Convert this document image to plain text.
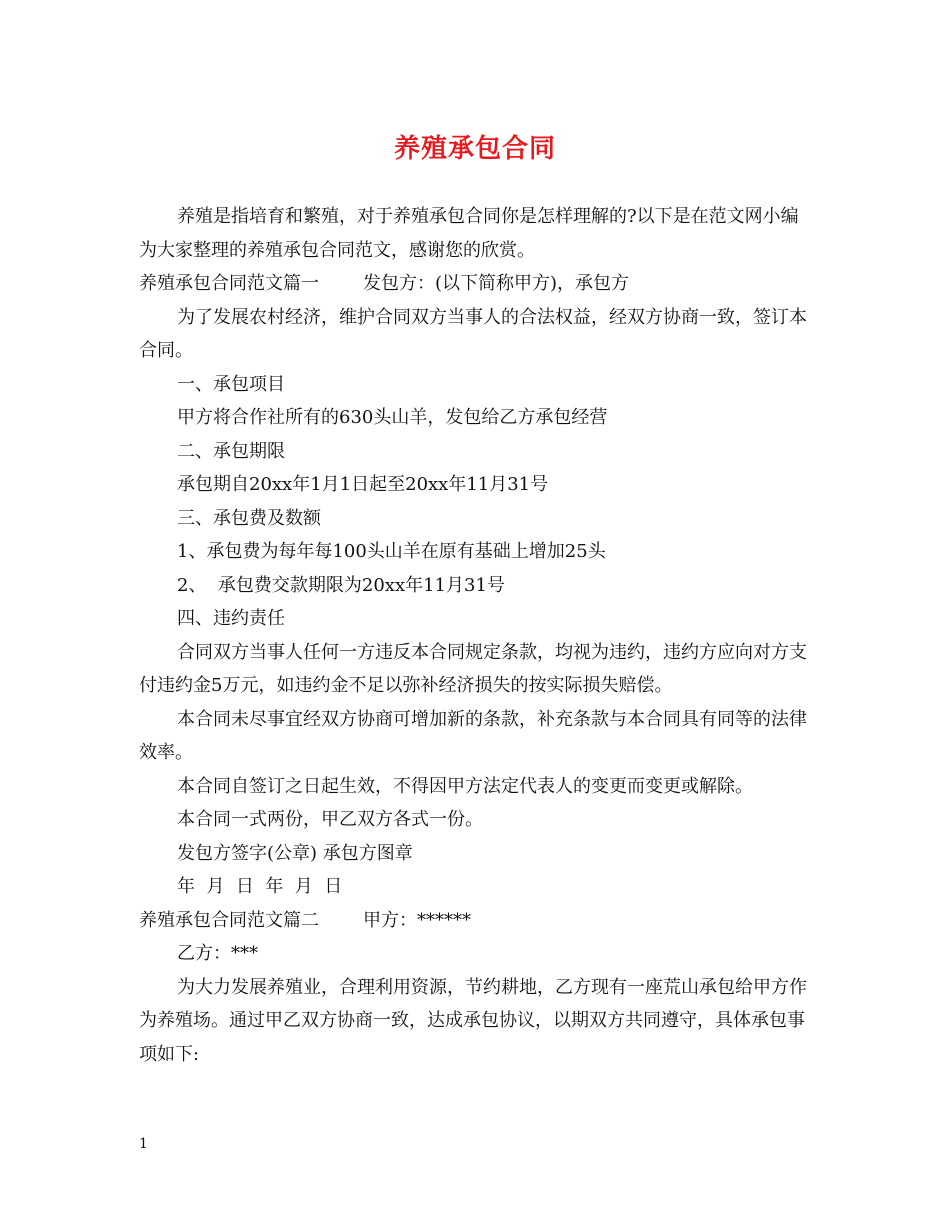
养殖承包合同

养殖是指培育和繁殖，对于养殖承包合同你是怎样理解的?以下是在范文网小编为大家整理的养殖承包合同范文，感谢您的欣赏。

养殖承包合同范文篇一 发包方：(以下简称甲方)，承包方

为了发展农村经济，维护合同双方当事人的合法权益，经双方协商一致，签订本合同。

一、承包项目

甲方将合作社所有的630头山羊，发包给乙方承包经营

二、承包期限

承包期自20xx年1月1日起至20xx年11月31号

三、承包费及数额

1、承包费为每年每100头山羊在原有基础上增加25头

2、  承包费交款期限为20xx年11月31号

四、违约责任

合同双方当事人任何一方违反本合同规定条款，均视为违约，违约方应向对方支付违约金5万元，如违约金不足以弥补经济损失的按实际损失赔偿。

本合同未尽事宜经双方协商可增加新的条款，补充条款与本合同具有同等的法律效率。

本合同自签订之日起生效，不得因甲方法定代表人的变更而变更或解除。

本合同一式两份，甲乙双方各式一份。

发包方签字(公章) 承包方图章

年  月  日  年  月  日

养殖承包合同范文篇二 甲方：******

乙方：***

为大力发展养殖业，合理利用资源，节约耕地，乙方现有一座荒山承包给甲方作为养殖场。通过甲乙双方协商一致，达成承包协议，以期双方共同遵守，具体承包事项如下:

1
